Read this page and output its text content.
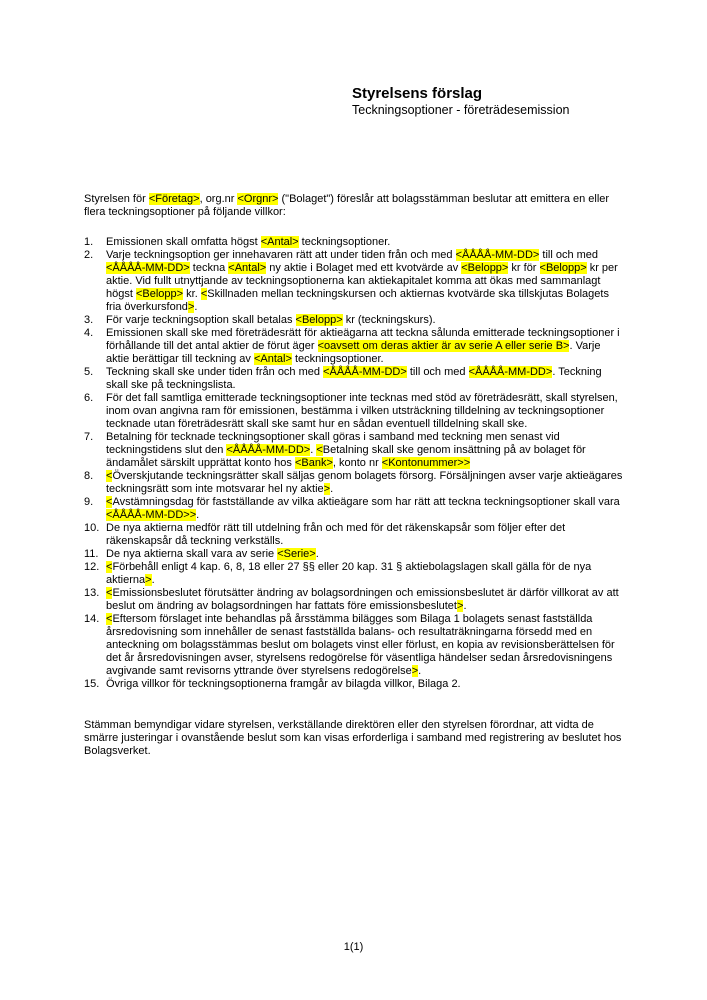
Styrelsens förslag
Teckningsoptioner - företrädesemission

Styrelsen för <Företag>, org.nr <Orgnr> ("Bolaget") föreslår att bolagsstämman beslutar att emittera en eller flera teckningsoptioner på följande villkor:

1.	Emissionen skall omfatta högst <Antal> teckningsoptioner.
2.	Varje teckningsoption ger innehavaren rätt att under tiden från och med <ÅÅÅÅ-MM-DD> till och med <ÅÅÅÅ-MM-DD> teckna <Antal> ny aktie i Bolaget med ett kvotvärde av <Belopp> kr för <Belopp> kr per aktie. Vid fullt utnyttjande av teckningsoptionerna kan aktiekapitalet komma att ökas med sammanlagt högst <Belopp> kr. <Skillnaden mellan teckningskursen och aktiernas kvotvärde ska tillskjutas Bolagets fria överkursfond>.
3.	För varje teckningsoption skall betalas <Belopp> kr (teckningskurs).
4.	Emissionen skall ske med företrädesrätt för aktieägarna att teckna sålunda emitterade teckningsoptioner i förhållande till det antal aktier de förut äger <oavsett om deras aktier är av serie A eller serie B>. Varje aktie berättigar till teckning av <Antal> teckningsoptioner.
5.	Teckning skall ske under tiden från och med <ÅÅÅÅ-MM-DD> till och med <ÅÅÅÅ-MM-DD>. Teckning skall ske på teckningslista.
6.	För det fall samtliga emitterade teckningsoptioner inte tecknas med stöd av företrädesrätt, skall styrelsen, inom ovan angivna ram för emissionen, bestämma i vilken utsträckning tilldelning av teckningsoptioner tecknade utan företrädesrätt skall ske samt hur en sådan eventuell tilldelning skall ske.
7.	Betalning för tecknade teckningsoptioner skall göras i samband med teckning men senast vid teckningstidens slut den <ÅÅÅÅ-MM-DD>. <Betalning skall ske genom insättning på av bolaget för ändamålet särskilt upprättat konto hos <Bank>, konto nr <Kontonummer>>
8.	<Överskjutande teckningsrätter skall säljas genom bolagets försorg. Försäljningen avser varje aktieägares teckningsrätt som inte motsvarar hel ny aktie>.
9.	<Avstämningsdag för fastställande av vilka aktieägare som har rätt att teckna teckningsoptioner skall vara <ÅÅÅÅ-MM-DD>>.
10. De nya aktierna medför rätt till utdelning från och med för det räkenskapsår som följer efter det räkenskapsår då teckning verkställs.
11. De nya aktierna skall vara av serie <Serie>.
12. <Förbehåll enligt 4 kap. 6, 8, 18 eller 27 §§ eller 20 kap. 31 § aktiebolagslagen skall gälla för de nya aktierna>.
13. <Emissionsbeslutet förutsätter ändring av bolagsordningen och emissionsbeslutet är därför villkorat av att beslut om ändring av bolagsordningen har fattats före emissionsbeslutet>.
14. <Eftersom förslaget inte behandlas på årsstämma bilägges som Bilaga 1 bolagets senast fastställda årsredovisning som innehåller de senast fastställda balans- och resultaträkningarna försedd med en anteckning om bolagsstämmas beslut om bolagets vinst eller förlust, en kopia av revisionsberättelsen för det år årsredovisningen avser, styrelsens redogörelse för väsentliga händelser sedan årsredovisningens avgivande samt revisorns yttrande över styrelsens redogörelse>.
15. Övriga villkor för teckningsoptionerna framgår av bilagda villkor, Bilaga 2.

Stämman bemyndigar vidare styrelsen, verkställande direktören eller den styrelsen förordnar, att vidta de smärre justeringar i ovanstående beslut som kan visas erforderliga i samband med registrering av beslutet hos Bolagsverket.

1(1)
